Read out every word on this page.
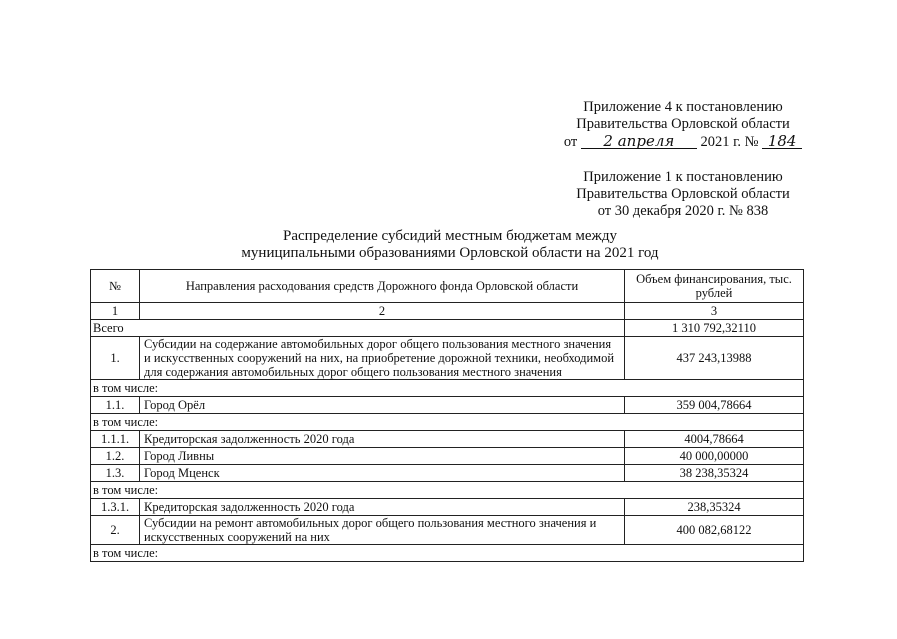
Приложение 4 к постановлению
Правительства Орловской области
от 2 апреля 2021 г. № 184
Приложение 1 к постановлению
Правительства Орловской области
от 30 декабря 2020 г. № 838
Распределение субсидий местным бюджетам между
муниципальными образованиями Орловской области на 2021 год
№	Направления расходования средств Дорожного фонда Орловской области	Объем финансирования, тыс. рублей
1	2	3
Всего		1 310 792,32110
1.	Субсидии на содержание автомобильных дорог общего пользования местного значения и искусственных сооружений на них, на приобретение дорожной техники, необходимой для содержания автомобильных дорог общего пользования местного значения	437 243,13988
в том числе:		
1.1.	Город Орёл	359 004,78664
в том числе:		
1.1.1.	Кредиторская задолженность 2020 года	4004,78664
1.2.	Город Ливны	40 000,00000
1.3.	Город Мценск	38 238,35324
в том числе:		
1.3.1.	Кредиторская задолженность 2020 года	238,35324
2.	Субсидии на ремонт автомобильных дорог общего пользования местного значения и искусственных сооружений на них	400 082,68122
в том числе:		
